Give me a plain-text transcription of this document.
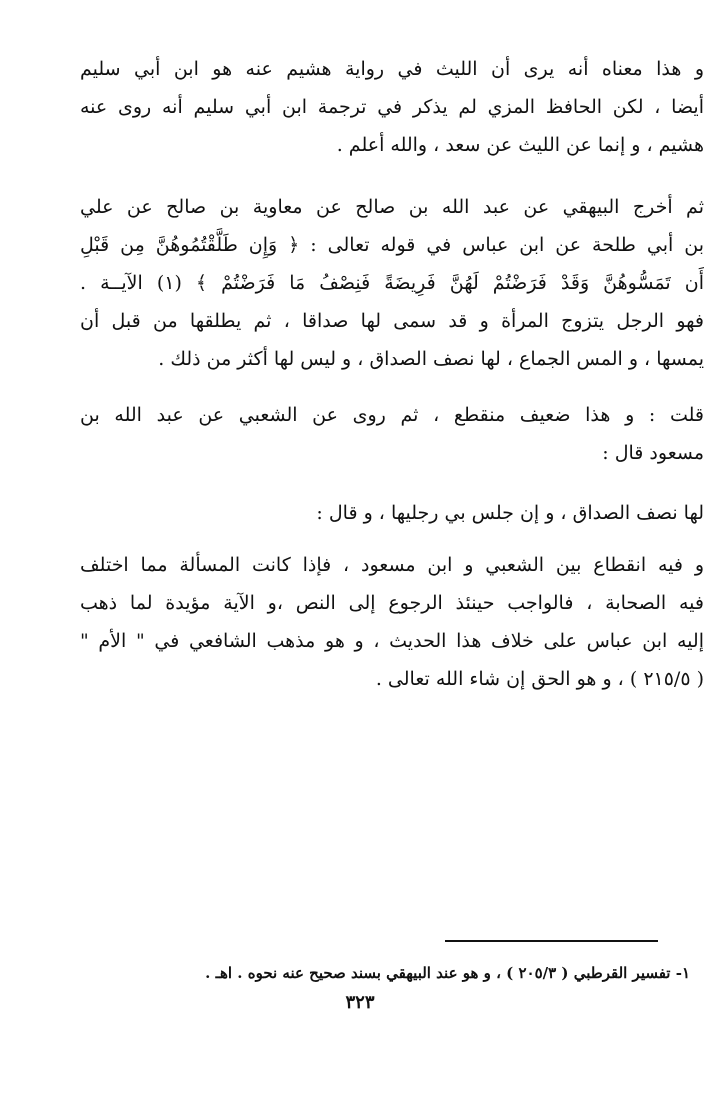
و هذا معناه أنه يرى أن الليث في رواية هشيم عنه هو ابن أبي سليم
أيضا ، لكن الحافظ المزي لم يذكر في ترجمة ابن أبي سليم أنه روى عنه
هشيم ، و إنما عن الليث عن سعد ، والله أعلم .
ثم أخرج البيهقي عن عبد الله بن صالح عن معاوية بن صالح عن علي
بن أبي طلحة عن ابن عباس في قوله تعالى : ﴿ وَإِن طَلَّقْتُمُوهُنَّ مِن قَبْلِ
أَن تَمَسُّوهُنَّ وَقَدْ فَرَضْتُمْ لَهُنَّ فَرِيضَةً فَنِصْفُ مَا فَرَضْتُمْ ﴾ (١) الآيــة .
فهو الرجل يتزوج المرأة و قد سمى لها صداقا ، ثم يطلقها من قبل أن
يمسها ، و المس الجماع ، لها نصف الصداق ، و ليس لها أكثر من ذلك .
قلت : و هذا ضعيف منقطع ، ثم روى عن الشعبي عن عبد الله بن
مسعود قال :
لها نصف الصداق ، و إن جلس بي رجليها ، و قال :
و فيه انقطاع بين الشعبي و ابن مسعود ، فإذا كانت المسألة مما اختلف
فيه الصحابة ، فالواجب حينئذ الرجوع إلى النص ،و الآية مؤيدة لما ذهب
إليه ابن عباس على خلاف هذا الحديث ، و هو مذهب الشافعي في " الأم "
( ٢١٥/٥ ) ، و هو الحق إن شاء الله تعالى .
١- تفسير القرطبي ( ٢٠٥/٣ ) ، و هو عند البيهقي بسند صحيح عنه نحوه . اهـ .
٣٢٣
